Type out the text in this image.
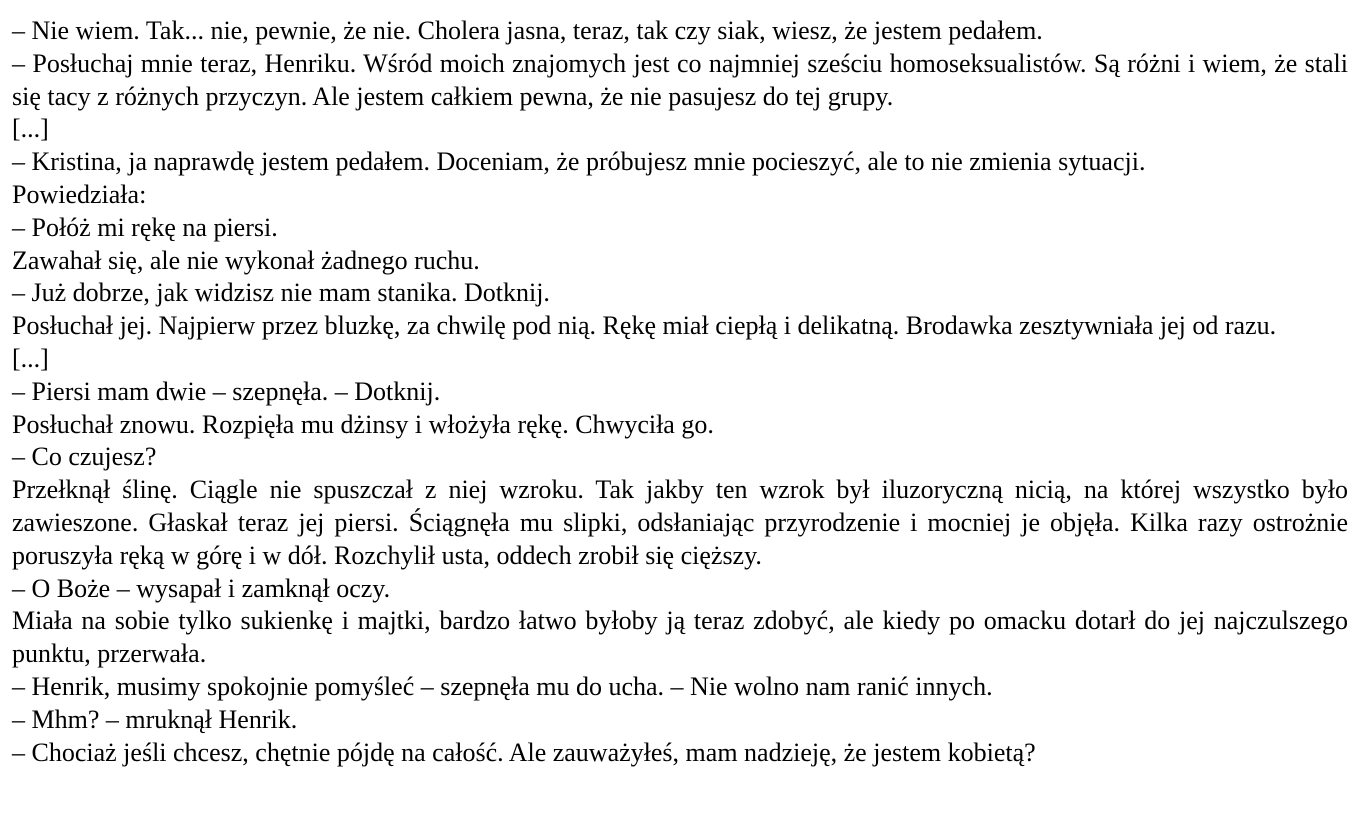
– Nie wiem. Tak... nie, pewnie, że nie. Cholera jasna, teraz, tak czy siak, wiesz, że jestem pedałem.

– Posłuchaj mnie teraz, Henriku. Wśród moich znajomych jest co najmniej sześciu homoseksualistów. Są różni i wiem, że stali się tacy z różnych przyczyn. Ale jestem całkiem pewna, że nie pasujesz do tej grupy.

[...]

– Kristina, ja naprawdę jestem pedałem. Doceniam, że próbujesz mnie pocieszyć, ale to nie zmienia sytuacji.

Powiedziała:

– Połóż mi rękę na piersi.

Zawahał się, ale nie wykonał żadnego ruchu.

– Już dobrze, jak widzisz nie mam stanika. Dotknij.

Posłuchał jej. Najpierw przez bluzkę, za chwilę pod nią. Rękę miał ciepłą i delikatną. Brodawka zesztywniała jej od razu.

[...]

– Piersi mam dwie – szepnęła. – Dotknij.

Posłuchał znowu. Rozpięła mu dżinsy i włożyła rękę. Chwyciła go.

– Co czujesz?

Przełknął ślinę. Ciągle nie spuszczał z niej wzroku. Tak jakby ten wzrok był iluzoryczną nicią, na której wszystko było zawieszone. Głaskał teraz jej piersi. Ściągnęła mu slipki, odsłaniając przyrodzenie i mocniej je objęła. Kilka razy ostrożnie poruszyła ręką w górę i w dół. Rozchylił usta, oddech zrobił się cięższy.

– O Boże – wysapał i zamknął oczy.

Miała na sobie tylko sukienkę i majtki, bardzo łatwo byłoby ją teraz zdobyć, ale kiedy po omacku dotarł do jej najczulszego punktu, przerwała.

– Henrik, musimy spokojnie pomyśleć – szepnęła mu do ucha. – Nie wolno nam ranić innych.

– Mhm? – mruknął Henrik.

– Chociaż jeśli chcesz, chętnie pójdę na całość. Ale zauważyłeś, mam nadzieję, że jestem kobietą?
